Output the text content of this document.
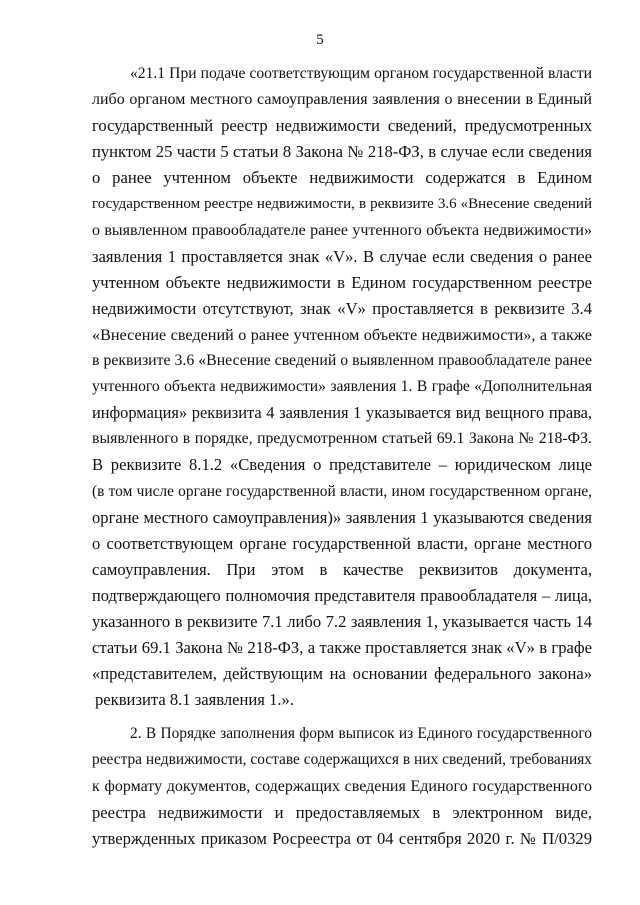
5
«21.1 При подаче соответствующим органом государственной власти
либо органом местного самоуправления заявления о внесении в Единый
государственный реестр недвижимости сведений, предусмотренных
пунктом 25 части 5 статьи 8 Закона № 218-ФЗ, в случае если сведения
о ранее учтенном объекте недвижимости содержатся в Едином
государственном реестре недвижимости, в реквизите 3.6 «Внесение сведений
о выявленном правообладателе ранее учтенного объекта недвижимости»
заявления 1 проставляется знак «V». В случае если сведения о ранее
учтенном объекте недвижимости в Едином государственном реестре
недвижимости отсутствуют, знак «V» проставляется в реквизите 3.4
«Внесение сведений о ранее учтенном объекте недвижимости», а также
в реквизите 3.6 «Внесение сведений о выявленном правообладателе ранее
учтенного объекта недвижимости» заявления 1. В графе «Дополнительная
информация» реквизита 4 заявления 1 указывается вид вещного права,
выявленного в порядке, предусмотренном статьей 69.1 Закона № 218-ФЗ.
В реквизите 8.1.2 «Сведения о представителе – юридическом лице
(в том числе органе государственной власти, ином государственном органе,
органе местного самоуправления)» заявления 1 указываются сведения
о соответствующем органе государственной власти, органе местного
самоуправления. При этом в качестве реквизитов документа,
подтверждающего полномочия представителя правообладателя – лица,
указанного в реквизите 7.1 либо 7.2 заявления 1, указывается часть 14
статьи 69.1 Закона № 218-ФЗ, а также проставляется знак «V» в графе
«представителем, действующим на основании федерального закона»
реквизита 8.1 заявления 1.».
2. В Порядке заполнения форм выписок из Единого государственного
реестра недвижимости, составе содержащихся в них сведений, требованиях
к формату документов, содержащих сведения Единого государственного
реестра недвижимости и предоставляемых в электронном виде,
утвержденных приказом Росреестра от 04 сентября 2020 г. № П/0329
